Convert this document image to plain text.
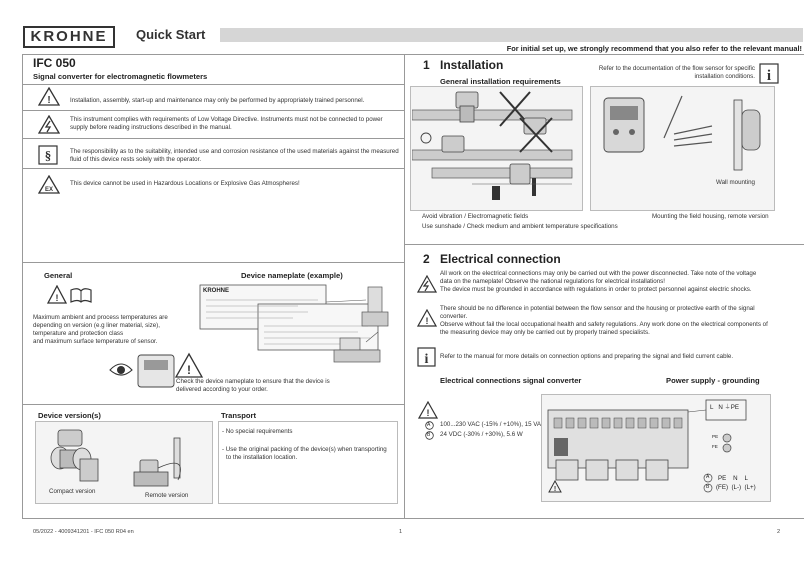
KROHNE	Quick Start
For initial set up, we strongly recommend that you also refer to the relevant manual!
IFC 050
Signal converter for electromagnetic flowmeters
!	Installation, assembly, start-up and maintenance may only be performed by appropriately trained personnel.
This instrument complies with requirements of Low Voltage Directive. Instruments must not be connected to power supply before reading instructions described in the manual.
§	The responsibility as to the suitability, intended use and corrosion resistance of the used materials against the measured fluid of this device rests solely with the operator.
EX
This device cannot be used in Hazardous Locations or Explosive Gas Atmospheres!
General
!
Maximum ambient and process temperatures are
depending on version (e.g liner material, size),
temperature and protection class
and maximum surface temperature of sensor.
Device nameplate (example)
KROHNE
!
Check the device nameplate to ensure that the device is
delivered according to your order.
Device version(s)
Compact version
Remote version
Transport
- No special requirements
- Use the original packing of the device(s) when transporting
to the installation location.
1 Installation
General installation requirements
Refer to the documentation of the flow sensor for specific
installation conditions. i
Wall mounting
Avoid vibration / Electromagnetic fields
Use sunshade / Check medium and ambient temperature specifications
Mounting the field housing, remote version
2 Electrical connection
All work on the electrical connections may only be carried out with the power disconnected. Take note of the voltage
data on the nameplate! Observe the national regulations for electrical installations!
The device must be grounded in accordance with regulations in order to protect personnel against electric shocks.
!
There should be no difference in potential between the flow sensor and the housing or protective earth of the signal
converter.
Observe without fail the local occupational health and safety regulations. Any work done on the electrical components of
the measuring device may only be carried out by properly trained specialists.
i Refer to the manual for more details on connection options and preparing the signal and field current cable.
Electrical connections signal converter	Power supply - grounding
!
A 100...230 VAC (-15% / +10%), 15 VA
B 24 VDC (-30% / +30%), 5.6 W
L   N ⏚PE
PE
FE
A
B
PE    N    L
(FE)  (L-)  (L+)
!
05/2022 - 4009341201 - IFC 050 R04 en	1	2
